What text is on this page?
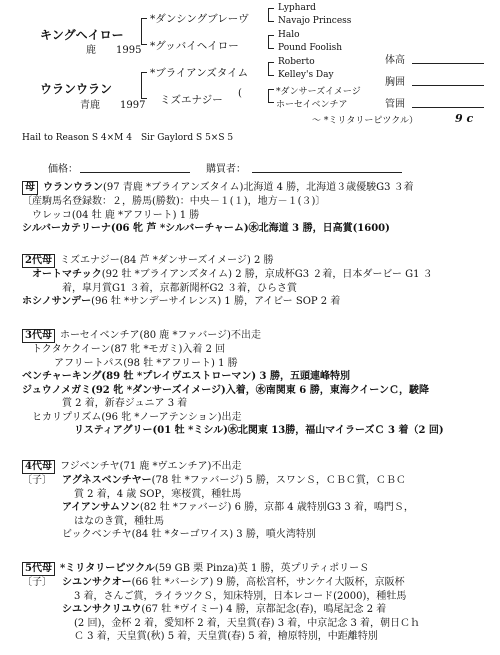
キングヘイロー
鹿　　1995
ウランウラン
青鹿　　1997
*ダンシングブレーヴ
*グッバイヘイロー
*ブライアンズタイム
ミズエナジー
Lyphard
Navajo Princess
Halo
Pound Foolish
Roberto
Kelley's Day
*ダンサーズイメージ
ホーセイベンチア
(
〜 *ミリタリーピツクル）	9 c
Hail to Reason S 4×M 4　Sir Gaylord S 5×S 5
体高
胸囲
管囲
価格：	購買者：
母 ウランウラン(97 青鹿 *ブライアンズタイム)北海道 4 勝，北海道３歳優駿G3 ３着
〔産駒馬名登録数：２，勝馬(勝数)：中央－１(１)，地方－１(３)〕
ウレッコ(04 牡 鹿 *アフリート) 1 勝
シルバーカテリーナ(06 牝 芦 *シルバーチャーム)㊌北海道 3 勝，日高賞(1600)
2代母 ミズエナジー(84 芦 *ダンサーズイメージ) 2 勝
オートマチック(92 牡 *ブライアンズタイム) 2 勝，京成杯G3 ２着，日本ダービー G1 ３
着，皐月賞G1 ３着，京都新聞杯G2 ３着，ひらさ賞
ホシノサンデー(96 牡 *サンデーサイレンス) 1 勝，アイビー SOP 2 着
3代母 ホーセイベンチア(80 鹿 *ファバージ)不出走
トクタケクイーン(87 牝 *モガミ)入着 2 回
アフリートパス(98 牡 *アフリート) 1 勝
ベンチャーキング(89 牡 *プレイヴエストローマン) 3 勝，五頭連峰特別
ジュウノメガミ(92 牝 *ダンサーズイメージ)入着，㊌南関東 6 勝，東海クイーンＣ，駿降
賞 2 着，新春ジュニア 3 着
ヒカリプリズム(96 牝 *ノーアテンション)出走
リスティアグリー(01 牡 *ミシル)㊌北関東 13勝，福山マイラーズＣ 3 着（2 回)
4代母 フジベンチヤ(71 鹿 *ヴエンチア)不出走
〔子〕 アグネスベンチヤー(78 牡 *ファバージ) 5 勝，スワンＳ，ＣＢＣ賞，ＣＢＣ
賞 2 着，4 歳 SOP，寒桜賞，種牡馬
アイアンサムソン(82 牡 *ファバージ) 6 勝，京都 4 歳特別G3 3 着，鳴門Ｓ，
はなのき賞，種牡馬
ビックベンチヤ(84 牡 *ターゴワイス) 3 勝，噴火湾特別
5代母 *ミリタリーピツクル(59 GB 栗 Pinza)英 1 勝，英プリティポリーＳ
〔子〕 シユンサクオー(66 牡 *バーシア) 9 勝，高松宮杯，サンケイ大阪杯，京阪杯
3 着，さんご賞，ライラツクＳ，知床特別，日本レコード(2000)，種牡馬
シユンサクリユウ(67 牡 *ヴイミー) 4 勝，京都記念(春)，鳴尾記念 2 着
(2 回)，金杯 2 着，愛知杯 2 着，天皇賞(春) 3 着，中京記念 3 着，朝日Ｃｈ
Ｃ 3 着，天皇賞(秋) 5 着，天皇賞(春) 5 着，檜原特別，中距離特別
